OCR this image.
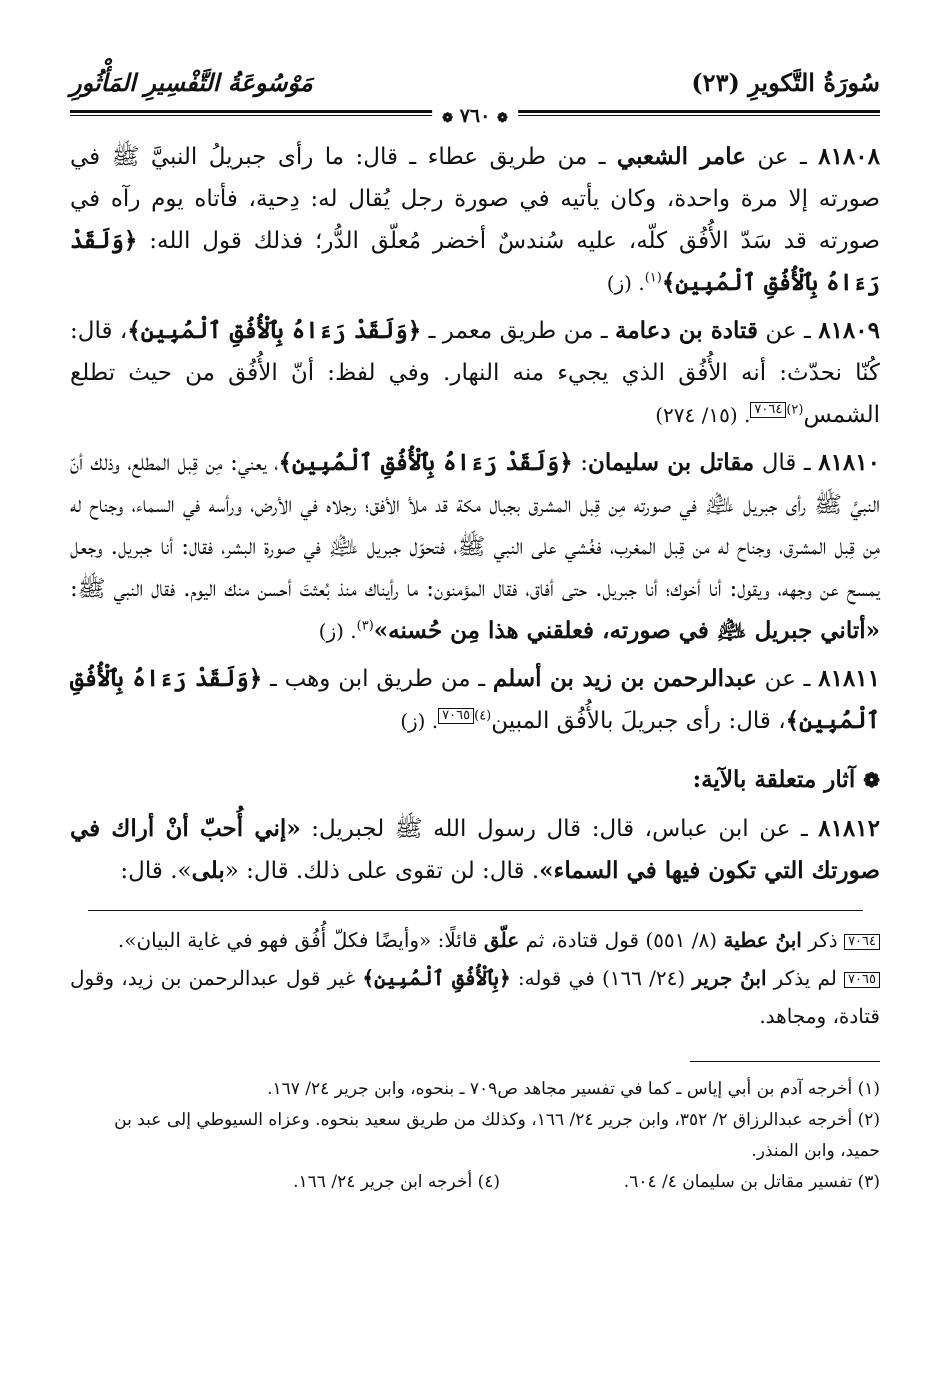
سُورَةُ التَّكويرِ (٢٣)
مَوْسُوعَةُ التَّفْسِيرِ المَأْثُورِ
❁ ٧٦٠ ❁

٨١٨٠٨ ـ عن عامر الشعبي ـ من طريق عطاء ـ قال: ما رأى جبريلُ النبيَّ ﷺ في صورته إلا مرة واحدة، وكان يأتيه في صورة رجل يُقال له: دِحية، فأتاه يوم رآه في صورته قد سَدّ الأُفُق كلّه، عليه سُندسٌ أخضر مُعلّق الدُّر؛ فذلك قول الله: ﴿وَلَقَدْ رَءَاهُ بِٱلْأُفُقِ ٱلْمُبِينِ﴾$^{(١)}$. (ز)

٨١٨٠٩ ـ عن قتادة بن دعامة ـ من طريق معمر ـ ﴿وَلَقَدْ رَءَاهُ بِٱلْأُفُقِ ٱلْمُبِينِ﴾، قال: كُنّا نحدّث: أنه الأُفُق الذي يجيء منه النهار. وفي لفظ: أنّ الأُفُق من حيث تطلع الشمس$^{(٢)}$٧٠٦٤. (١٥/ ٢٧٤)

٨١٨١٠ ـ قال مقاتل بن سليمان: ﴿وَلَقَدْ رَءَاهُ بِٱلْأُفُقِ ٱلْمُبِينِ﴾، يعني: مِن قِبل المطلع، وذلك أنّ النبيَّ ﷺ رأى جبريل ﵇ في صورته مِن قِبل المشرق بجبال مكة قد ملأ الأفق؛ رجلاه في الأرض، ورأسه في السماء، وجناح له مِن قِبل المشرق، وجناح له من قِبل المغرب، فغُشي على النبي ﷺ، فتحوّل جبريل ﵇ في صورة البشر، فقال: أنا جبريل. وجعل يمسح عن وجهه، ويقول: أنا أخوك؛ أنا جبريل. حتى أفاق، فقال المؤمنون: ما رأيناك منذ بُعثتَ أحسن منك اليوم. فقال النبي ﷺ: «أتاني جبريل ﵇ في صورته، فعلقني هذا مِن حُسنه»$^{(٣)}$. (ز)

٨١٨١١ ـ عن عبدالرحمن بن زيد بن أسلم ـ من طريق ابن وهب ـ ﴿وَلَقَدْ رَءَاهُ بِٱلْأُفُقِ ٱلْمُبِينِ﴾، قال: رأى جبريلَ بالأُفُق المبين$^{(٤)}$٧٠٦٥. (ز)

❁ آثار متعلقة بالآية:

٨١٨١٢ ـ عن ابن عباس، قال: قال رسول الله ﷺ لجبريل: «إني أُحبّ أنْ أراك في صورتك التي تكون فيها في السماء». قال: لن تقوى على ذلك. قال: «بلى». قال:

٧٠٦٤ ذكر ابنُ عطية (٨/ ٥٥١) قول قتادة، ثم علّق قائلًا: «وأيضًا فكلّ أُفُق فهو في غاية البيان».

٧٠٦٥ لم يذكر ابنُ جرير (٢٤/ ١٦٦) في قوله: ﴿بِٱلْأُفُقِ ٱلْمُبِينِ﴾ غير قول عبدالرحمن بن زيد، وقول قتادة، ومجاهد.

(١) أخرجه آدم بن أبي إياس ـ كما في تفسير مجاهد ص٧٠٩ ـ بنحوه، وابن جرير ٢٤/ ١٦٧.

(٢) أخرجه عبدالرزاق ٢/ ٣٥٢، وابن جرير ٢٤/ ١٦٦، وكذلك من طريق سعيد بنحوه. وعزاه السيوطي إلى عبد بن حميد، وابن المنذر.

(٣) تفسير مقاتل بن سليمان ٤/ ٦٠٤.
(٤) أخرجه ابن جرير ٢٤/ ١٦٦.
